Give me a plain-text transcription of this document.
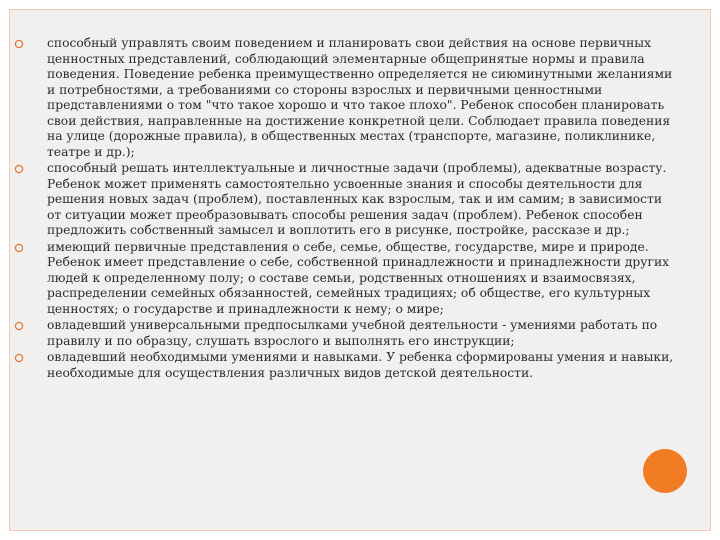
способный управлять своим поведением и планировать свои действия на основе первичных ценностных представлений, соблюдающий элементарные общепринятые нормы и правила поведения. Поведение ребенка преимущественно определяется не сиюминутными желаниями и потребностями, а требованиями со стороны взрослых и первичными ценностными представлениями о том "что такое хорошо и что такое плохо". Ребенок способен планировать свои действия, направленные на достижение конкретной цели. Соблюдает правила поведения на улице (дорожные правила), в общественных местах (транспорте, магазине, поликлинике, театре и др.);
способный решать интеллектуальные и личностные задачи (проблемы), адекватные возрасту. Ребенок может применять самостоятельно усвоенные знания и способы деятельности для решения новых задач (проблем), поставленных как взрослым, так и им самим; в зависимости от ситуации может преобразовывать способы решения задач (проблем). Ребенок способен предложить собственный замысел и воплотить его в рисунке, постройке, рассказе и др.;
имеющий первичные представления о себе, семье, обществе, государстве, мире и природе. Ребенок имеет представление о себе, собственной принадлежности и принадлежности других людей к определенному полу; о составе семьи, родственных отношениях и взаимосвязях, распределении семейных обязанностей, семейных традициях; об обществе, его культурных ценностях; о государстве и принадлежности к нему; о мире;
овладевший универсальными предпосылками учебной деятельности - умениями работать по правилу и по образцу, слушать взрослого и выполнять его инструкции;
овладевший необходимыми умениями и навыками. У ребенка сформированы умения и навыки, необходимые для осуществления различных видов детской деятельности.
